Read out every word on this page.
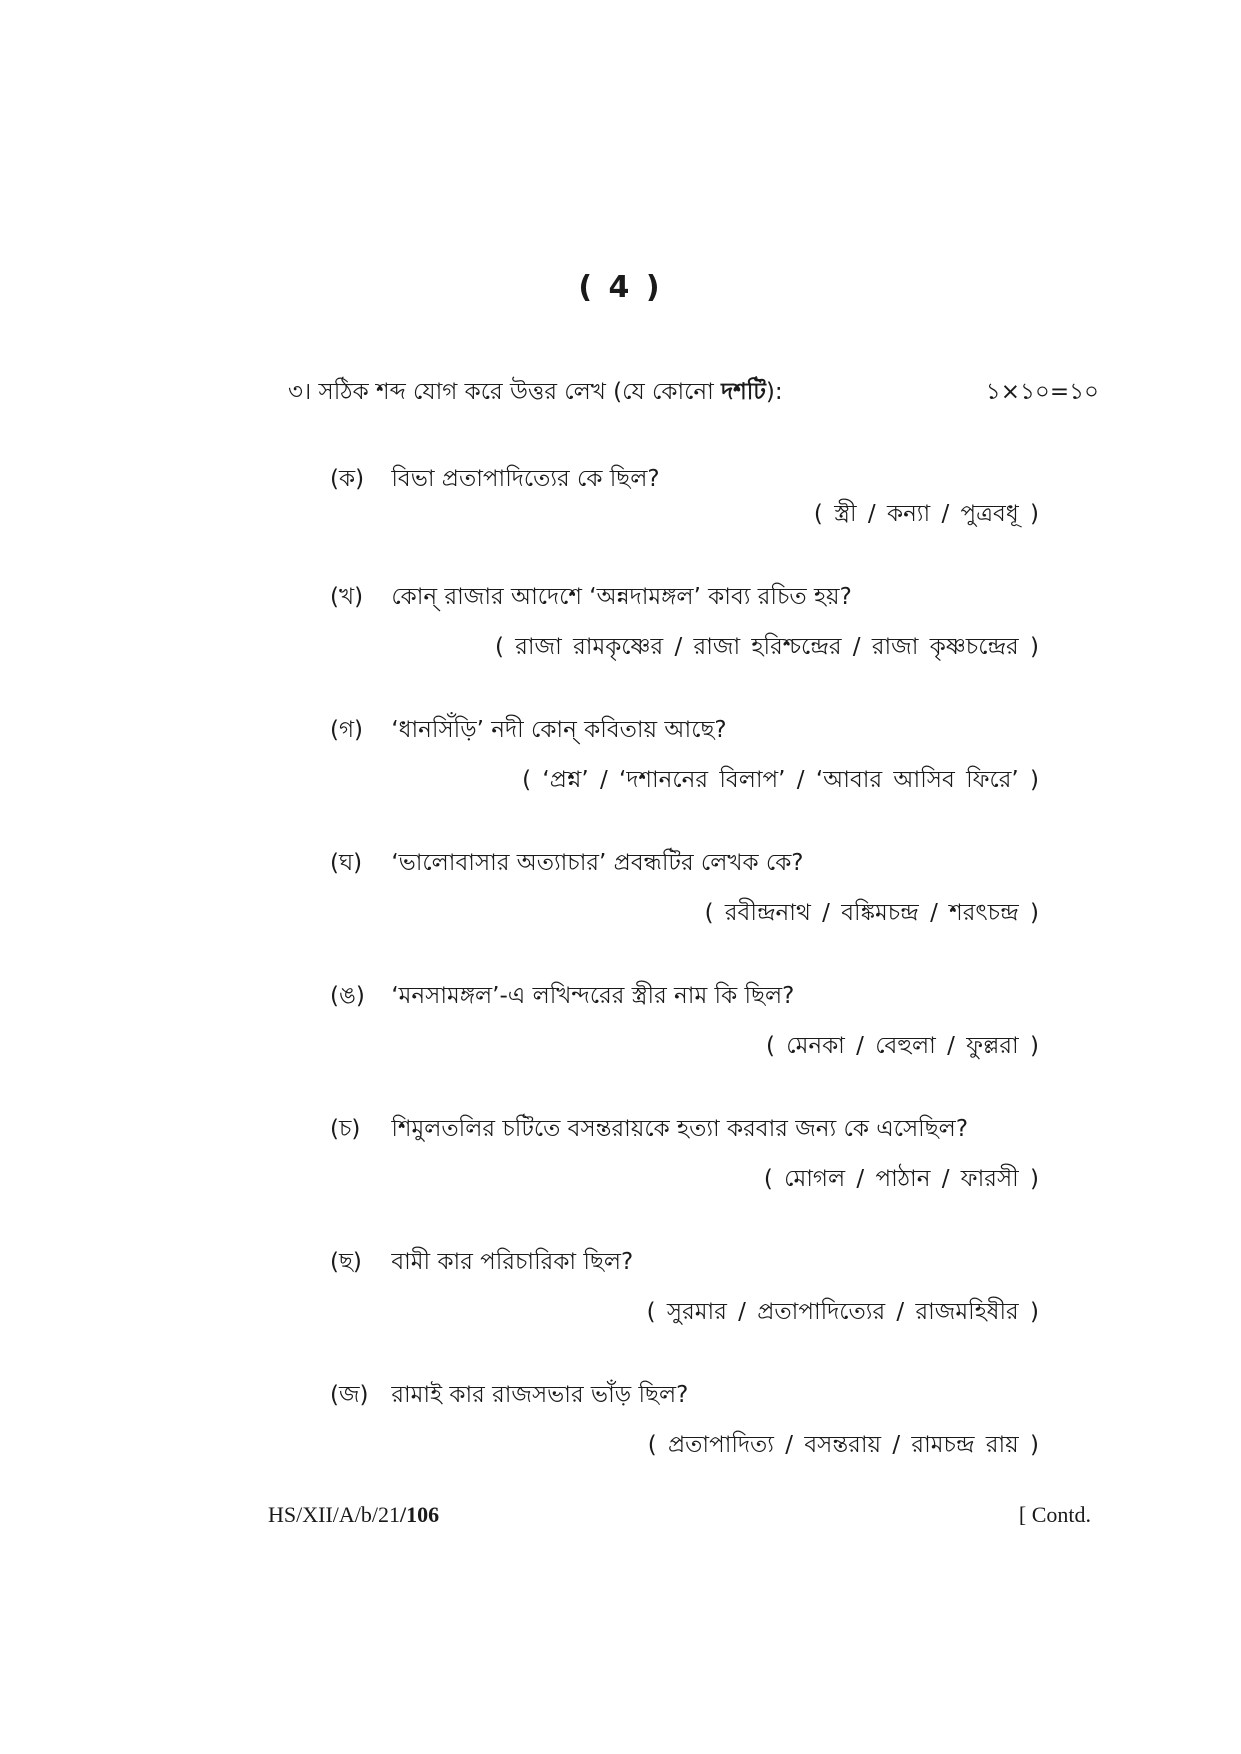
( 4 )
৩। সঠিক শব্দ যোগ করে উত্তর লেখ (যে কোনো দশটি):	১×১০=১০
(ক) বিভা প্রতাপাদিত্যের কে ছিল?
( স্ত্রী / কন্যা / পুত্রবধূ )
(খ) কোন্ রাজার আদেশে ‘অন্নদামঙ্গল’ কাব্য রচিত হয়?
( রাজা রামকৃষ্ণের / রাজা হরিশ্চন্দ্রের / রাজা কৃষ্ণচন্দ্রের )
(গ) ‘ধানসিঁড়ি’ নদী কোন্ কবিতায় আছে?
( ‘প্রশ্ন’ / ‘দশাননের বিলাপ’ / ‘আবার আসিব ফিরে’ )
(ঘ) ‘ভালোবাসার অত্যাচার’ প্রবন্ধটির লেখক কে?
( রবীন্দ্রনাথ / বঙ্কিমচন্দ্র / শরৎচন্দ্র )
(ঙ) ‘মনসামঙ্গল’-এ লখিন্দরের স্ত্রীর নাম কি ছিল?
( মেনকা / বেহুলা / ফুল্লরা )
(চ) শিমুলতলির চটিতে বসন্তরায়কে হত্যা করবার জন্য কে এসেছিল?
( মোগল / পাঠান / ফারসী )
(ছ) বামী কার পরিচারিকা ছিল?
( সুরমার / প্রতাপাদিত্যের / রাজমহিষীর )
(জ) রামাই কার রাজসভার ভাঁড় ছিল?
( প্রতাপাদিত্য / বসন্তরায় / রামচন্দ্র রায় )
HS/XII/A/b/21/106	[ Contd.
